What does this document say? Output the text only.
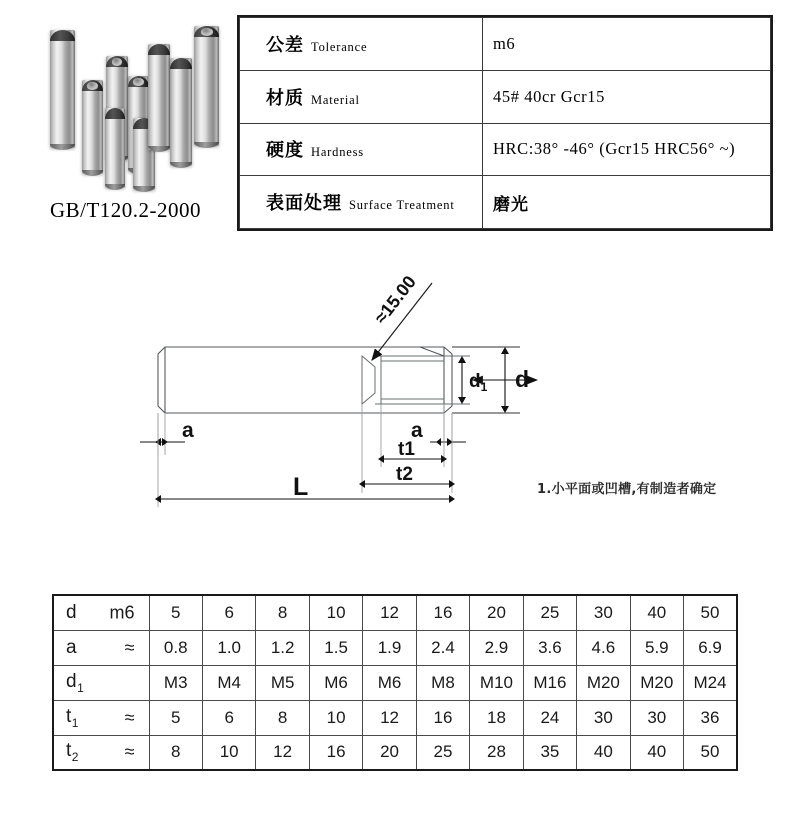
GB/T120.2-2000
公差 Tolerance	m6
材质 Material	45# 40cr Gcr15
硬度 Hardness	HRC:38° -46° (Gcr15 HRC56° ~)
表面处理 Surface Treatment	磨光
≈15.00
d
$d_1$
a	a
t1
t2
L	1.小平面或凹槽,有制造者确定
d m6	5	6	8	10	12	16	20	25	30	40	50
a ≈	0.8	1.0	1.2	1.5	1.9	2.4	2.9	3.6	4.6	5.9	6.9
$d_1$	M3	M4	M5	M6	M6	M8	M10	M16	M20	M20	M24
$t_1$ ≈	5	6	8	10	12	16	18	24	30	30	36
$t_2$ ≈	8	10	12	16	20	25	28	35	40	40	50
